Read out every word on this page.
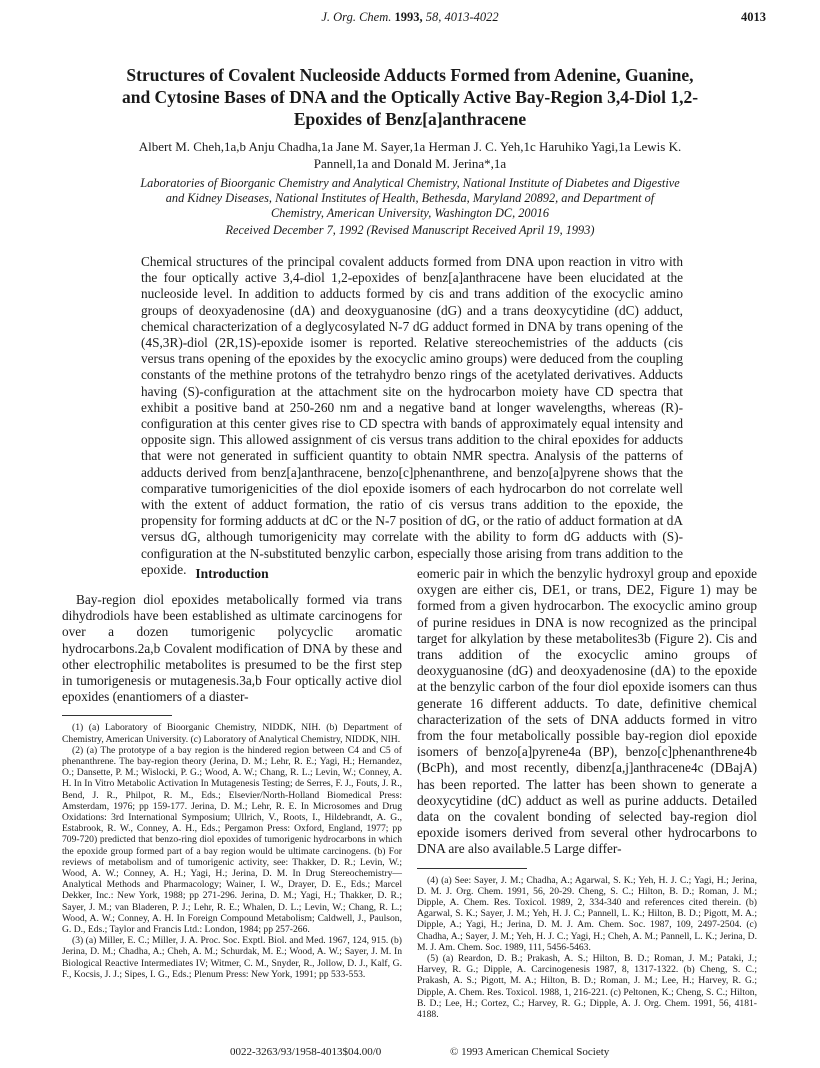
J. Org. Chem. 1993, 58, 4013-4022	4013
Structures of Covalent Nucleoside Adducts Formed from Adenine, Guanine, and Cytosine Bases of DNA and the Optically Active Bay-Region 3,4-Diol 1,2-Epoxides of Benz[a]anthracene
Albert M. Cheh,1a,b Anju Chadha,1a Jane M. Sayer,1a Herman J. C. Yeh,1c Haruhiko Yagi,1a Lewis K. Pannell,1a and Donald M. Jerina*,1a
Laboratories of Bioorganic Chemistry and Analytical Chemistry, National Institute of Diabetes and Digestive and Kidney Diseases, National Institutes of Health, Bethesda, Maryland 20892, and Department of Chemistry, American University, Washington DC, 20016
Received December 7, 1992 (Revised Manuscript Received April 19, 1993)

Chemical structures of the principal covalent adducts formed from DNA upon reaction in vitro with the four optically active 3,4-diol 1,2-epoxides of benz[a]anthracene have been elucidated at the nucleoside level. In addition to adducts formed by cis and trans addition of the exocyclic amino groups of deoxyadenosine (dA) and deoxyguanosine (dG) and a trans deoxycytidine (dC) adduct, chemical characterization of a deglycosylated N-7 dG adduct formed in DNA by trans opening of the (4S,3R)-diol (2R,1S)-epoxide isomer is reported. Relative stereochemistries of the adducts (cis versus trans opening of the epoxides by the exocyclic amino groups) were deduced from the coupling constants of the methine protons of the tetrahydro benzo rings of the acetylated derivatives. Adducts having (S)-configuration at the attachment site on the hydrocarbon moiety have CD spectra that exhibit a positive band at 250-260 nm and a negative band at longer wavelengths, whereas (R)-configuration at this center gives rise to CD spectra with bands of approximately equal intensity and opposite sign. This allowed assignment of cis versus trans addition to the chiral epoxides for adducts that were not generated in sufficient quantity to obtain NMR spectra. Analysis of the patterns of adducts derived from benz[a]anthracene, benzo[c]phenanthrene, and benzo[a]pyrene shows that the comparative tumorigenicities of the diol epoxide isomers of each hydrocarbon do not correlate well with the extent of adduct formation, the ratio of cis versus trans addition to the epoxide, the propensity for forming adducts at dC or the N-7 position of dG, or the ratio of adduct formation at dA versus dG, although tumorigenicity may correlate with the ability to form dG adducts with (S)-configuration at the N-substituted benzylic carbon, especially those arising from trans addition to the epoxide. Introduction

Bay-region diol epoxides metabolically formed via trans dihydrodiols have been established as ultimate carcinogens for over a dozen tumorigenic polycyclic aromatic hydrocarbons.2a,b Covalent modification of DNA by these and other electrophilic metabolites is presumed to be the first step in tumorigenesis or mutagenesis.3a,b Four optically active diol epoxides (enantiomers of a diaster-

(1) (a) Laboratory of Bioorganic Chemistry, NIDDK, NIH. (b) Department of Chemistry, American University. (c) Laboratory of Analytical Chemistry, NIDDK, NIH.

(2) (a) The prototype of a bay region is the hindered region between C4 and C5 of phenanthrene. The bay-region theory (Jerina, D. M.; Lehr, R. E.; Yagi, H.; Hernandez, O.; Dansette, P. M.; Wislocki, P. G.; Wood, A. W.; Chang, R. L.; Levin, W.; Conney, A. H. In In Vitro Metabolic Activation In Mutagenesis Testing; de Serres, F. J., Fouts, J. R., Bend, J. R., Philpot, R. M., Eds.; Elsevier/North-Holland Biomedical Press: Amsterdam, 1976; pp 159-177. Jerina, D. M.; Lehr, R. E. In Microsomes and Drug Oxidations: 3rd International Symposium; Ullrich, V., Roots, I., Hildebrandt, A. G., Estabrook, R. W., Conney, A. H., Eds.; Pergamon Press: Oxford, England, 1977; pp 709-720) predicted that benzo-ring diol epoxides of tumorigenic hydrocarbons in which the epoxide group formed part of a bay region would be ultimate carcinogens. (b) For reviews of metabolism and of tumorigenic activity, see: Thakker, D. R.; Levin, W.; Wood, A. W.; Conney, A. H.; Yagi, H.; Jerina, D. M. In Drug Stereochemistry—Analytical Methods and Pharmacology; Wainer, I. W., Drayer, D. E., Eds.; Marcel Dekker, Inc.: New York, 1988; pp 271-296. Jerina, D. M.; Yagi, H.; Thakker, D. R.; Sayer, J. M.; van Bladeren, P. J.; Lehr, R. E.; Whalen, D. L.; Levin, W.; Chang, R. L.; Wood, A. W.; Conney, A. H. In Foreign Compound Metabolism; Caldwell, J., Paulson, G. D., Eds.; Taylor and Francis Ltd.: London, 1984; pp 257-266.

(3) (a) Miller, E. C.; Miller, J. A. Proc. Soc. Exptl. Biol. and Med. 1967, 124, 915. (b) Jerina, D. M.; Chadha, A.; Cheh, A. M.; Schurdak, M. E.; Wood, A. W.; Sayer, J. M. In Biological Reactive Intermediates IV; Witmer, C. M., Snyder, R., Jollow, D. J., Kalf, G. F., Kocsis, J. J.; Sipes, I. G., Eds.; Plenum Press: New York, 1991; pp 533-553.

eomeric pair in which the benzylic hydroxyl group and epoxide oxygen are either cis, DE1, or trans, DE2, Figure 1) may be formed from a given hydrocarbon. The exocyclic amino group of purine residues in DNA is now recognized as the principal target for alkylation by these metabolites3b (Figure 2). Cis and trans addition of the exocyclic amino groups of deoxyguanosine (dG) and deoxyadenosine (dA) to the epoxide at the benzylic carbon of the four diol epoxide isomers can thus generate 16 different adducts. To date, definitive chemical characterization of the sets of DNA adducts formed in vitro from the four metabolically possible bay-region diol epoxide isomers of benzo[a]pyrene4a (BP), benzo[c]phenanthrene4b (BcPh), and most recently, dibenz[a,j]anthracene4c (DBajA) has been reported. The latter has been shown to generate a deoxycytidine (dC) adduct as well as purine adducts. Detailed data on the covalent bonding of selected bay-region diol epoxide isomers derived from several other hydrocarbons to DNA are also available.5 Large differ-

(4) (a) See: Sayer, J. M.; Chadha, A.; Agarwal, S. K.; Yeh, H. J. C.; Yagi, H.; Jerina, D. M. J. Org. Chem. 1991, 56, 20-29. Cheng, S. C.; Hilton, B. D.; Roman, J. M.; Dipple, A. Chem. Res. Toxicol. 1989, 2, 334-340 and references cited therein. (b) Agarwal, S. K.; Sayer, J. M.; Yeh, H. J. C.; Pannell, L. K.; Hilton, B. D.; Pigott, M. A.; Dipple, A.; Yagi, H.; Jerina, D. M. J. Am. Chem. Soc. 1987, 109, 2497-2504. (c) Chadha, A.; Sayer, J. M.; Yeh, H. J. C.; Yagi, H.; Cheh, A. M.; Pannell, L. K.; Jerina, D. M. J. Am. Chem. Soc. 1989, 111, 5456-5463.

(5) (a) Reardon, D. B.; Prakash, A. S.; Hilton, B. D.; Roman, J. M.; Pataki, J.; Harvey, R. G.; Dipple, A. Carcinogenesis 1987, 8, 1317-1322. (b) Cheng, S. C.; Prakash, A. S.; Pigott, M. A.; Hilton, B. D.; Roman, J. M.; Lee, H.; Harvey, R. G.; Dipple, A. Chem. Res. Toxicol. 1988, 1, 216-221. (c) Peltonen, K.; Cheng, S. C.; Hilton, B. D.; Lee, H.; Cortez, C.; Harvey, R. G.; Dipple, A. J. Org. Chem. 1991, 56, 4181-4188.

0022-3263/93/1958-4013$04.00/0	© 1993 American Chemical Society
